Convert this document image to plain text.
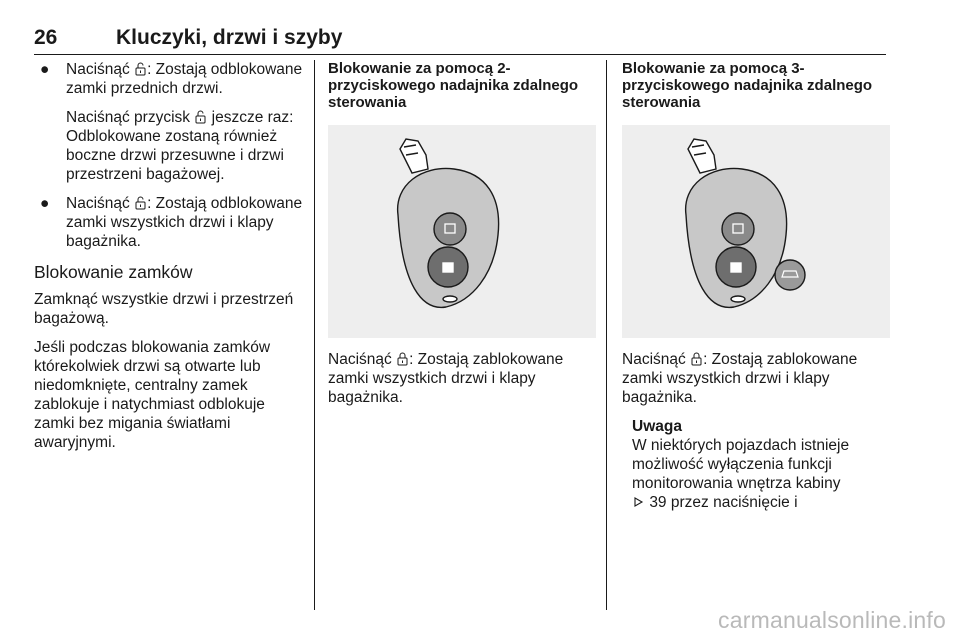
26	Kluczyki, drzwi i szyby
● Naciśnąć : Zostają odblokowane zamki przednich drzwi.
Naciśnąć przycisk  jeszcze raz: Odblokowane zostaną również boczne drzwi przesuwne i drzwi przestrzeni bagażowej.
● Naciśnąć : Zostają odblokowane zamki wszystkich drzwi i klapy bagażnika.
Blokowanie zamków

Zamknąć wszystkie drzwi i przestrzeń bagażową.

Jeśli podczas blokowania zamków którekolwiek drzwi są otwarte lub niedomknięte, centralny zamek zablokuje i natychmiast odblokuje zamki bez migania światłami awaryjnymi.

Blokowanie za pomocą 2-przyciskowego nadajnika zdalnego sterowania

Naciśnąć : Zostają zablokowane zamki wszystkich drzwi i klapy bagażnika.

Blokowanie za pomocą 3-przyciskowego nadajnika zdalnego sterowania

Naciśnąć : Zostają zablokowane zamki wszystkich drzwi i klapy bagażnika.

Uwaga
W niektórych pojazdach istnieje możliwość wyłączenia funkcji monitorowania wnętrza kabiny
39 przez naciśnięcie i
carmanualsonline.info
